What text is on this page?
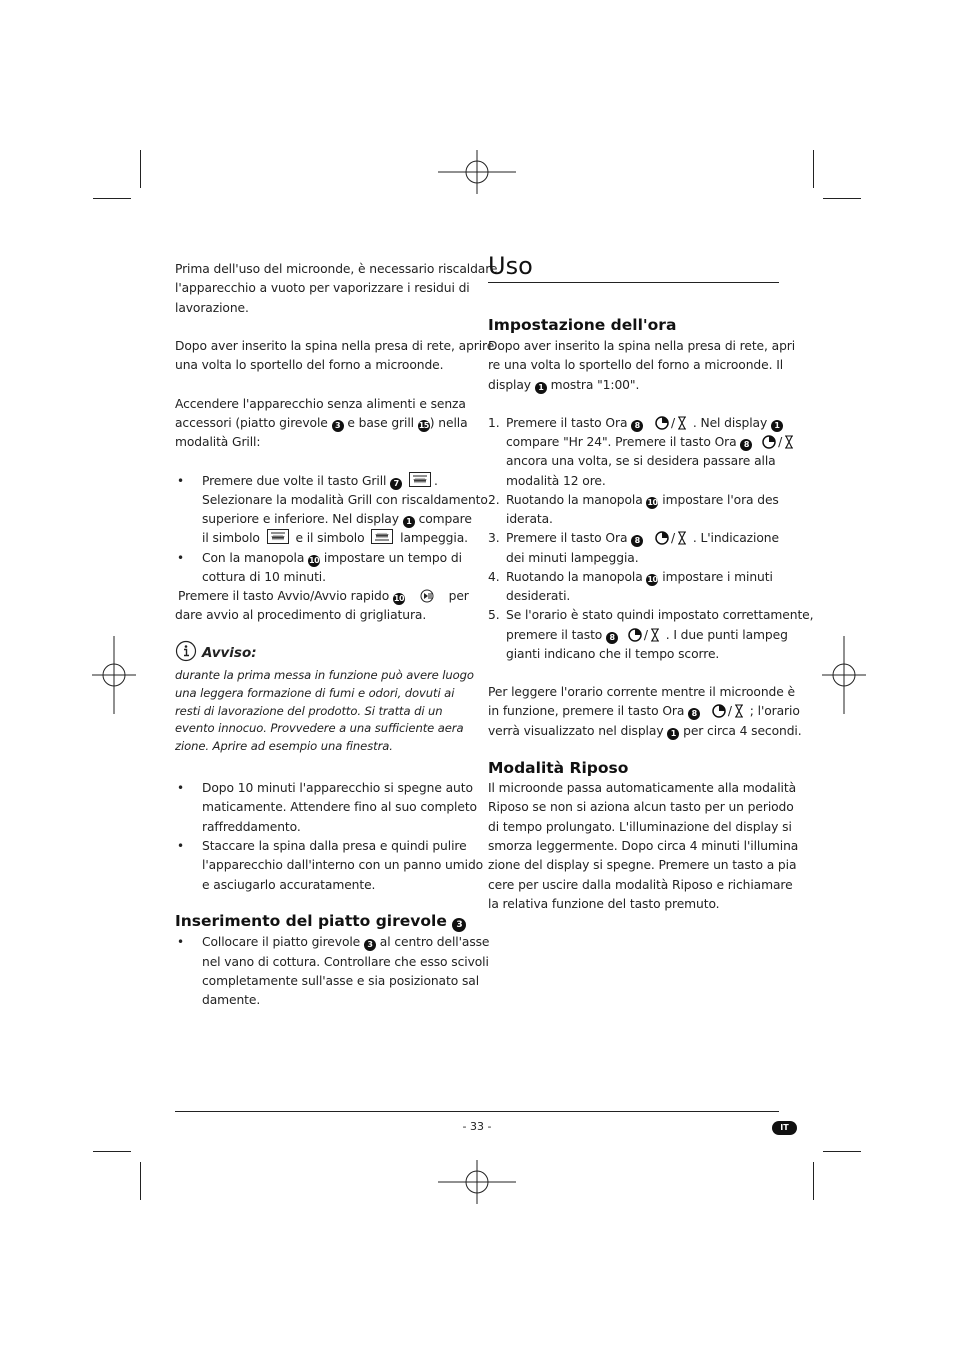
Prima dell'uso del microonde, è necessario riscaldare
l'apparecchio a vuoto per vaporizzare i residui di
lavorazione.
Dopo aver inserito la spina nella presa di rete, aprire
una volta lo sportello del forno a microonde.
Accendere l'apparecchio senza alimenti e senza
accessori (piatto girevole 3 e base grill 15) nella
modalità Grill:
• Premere due volte il tasto Grill 7	.
Selezionare la modalità Grill con riscaldamento
superiore e inferiore. Nel display 1 compare
il simbolo	e il simbolo	lampeggia.
• Con la manopola 10 impostare un tempo di
cottura di 10 minuti.
Premere il tasto Avvio/Avvio rapido 10	per
dare avvio al procedimento di grigliatura.
Avviso:
durante la prima messa in funzione può avere luogo
una leggera formazione di fumi e odori, dovuti ai
resti di lavorazione del prodotto. Si tratta di un
evento innocuo. Provvedere a una sufficiente aera
zione. Aprire ad esempio una finestra.
• Dopo 10 minuti l'apparecchio si spegne auto
maticamente. Attendere fino al suo completo
raffreddamento.
• Staccare la spina dalla presa e quindi pulire
l'apparecchio dall'interno con un panno umido
e asciugarlo accuratamente.
Inserimento del piatto girevole 3
• Collocare il piatto girevole 3 al centro dell'asse
nel vano di cottura. Controllare che esso scivoli
completamente sull'asse e sia posizionato sal
damente.
Uso
Impostazione dell'ora
Dopo aver inserito la spina nella presa di rete, apri
re una volta lo sportello del forno a microonde. Il
display 1 mostra "1:00".
1. Premere il tasto Ora 8	/ . Nel display 1
compare "Hr 24". Premere il tasto Ora 8 /
ancora una volta, se si desidera passare alla
modalità 12 ore.
2. Ruotando la manopola 10 impostare l'ora des
iderata.
3. Premere il tasto Ora 8	/ . L'indicazione
dei minuti lampeggia.
4. Ruotando la manopola 10 impostare i minuti
desiderati.
5. Se l'orario è stato quindi impostato correttamente,
premere il tasto 8 / . I due punti lampeg
gianti indicano che il tempo scorre.
Per leggere l'orario corrente mentre il microonde è
in funzione, premere il tasto Ora 8	/ ; l'orario
verrà visualizzato nel display 1 per circa 4 secondi.
Modalità Riposo
Il microonde passa automaticamente alla modalità
Riposo se non si aziona alcun tasto per un periodo
di tempo prolungato. L'illuminazione del display si
smorza leggermente. Dopo circa 4 minuti l'illumina
zione del display si spegne. Premere un tasto a pia
cere per uscire dalla modalità Riposo e richiamare
la relativa funzione del tasto premuto.
- 33 -	IT
